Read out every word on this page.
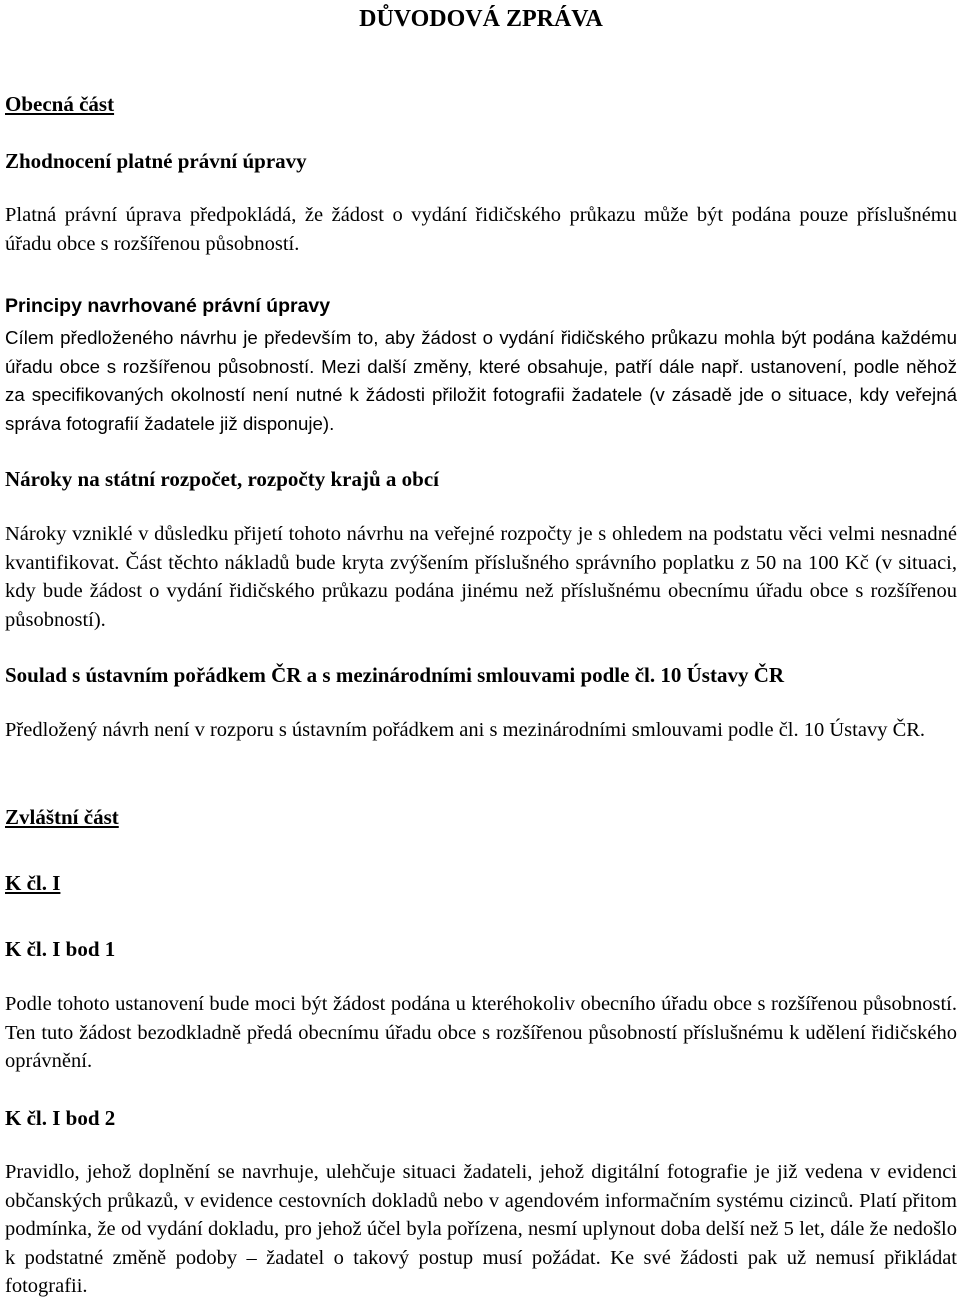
DŮVODOVÁ ZPRÁVA
Obecná část
Zhodnocení platné právní úpravy

Platná právní úprava předpokládá, že žádost o vydání řidičského průkazu může být podána pouze příslušnému úřadu obce s rozšířenou působností.

Principy navrhované právní úpravy

Cílem předloženého návrhu je především to, aby žádost o vydání řidičského průkazu mohla být podána každému úřadu obce s rozšířenou působností. Mezi další změny, které obsahuje, patří dále např. ustanovení, podle něhož za specifikovaných okolností není nutné k žádosti přiložit fotografii žadatele (v zásadě jde o situace, kdy veřejná správa fotografií žadatele již disponuje).

Nároky na státní rozpočet, rozpočty krajů a obcí

Nároky vzniklé v důsledku přijetí tohoto návrhu na veřejné rozpočty je s ohledem na podstatu věci velmi nesnadné kvantifikovat. Část těchto nákladů bude kryta zvýšením příslušného správního poplatku z 50 na 100 Kč (v situaci, kdy bude žádost o vydání řidičského průkazu podána jinému než příslušnému obecnímu úřadu obce s rozšířenou působností).

Soulad s ústavním pořádkem ČR a s mezinárodními smlouvami podle čl. 10 Ústavy ČR

Předložený návrh není v rozporu s ústavním pořádkem ani s mezinárodními smlouvami podle čl. 10 Ústavy ČR.

Zvláštní část
K čl. I
K čl. I bod 1

Podle tohoto ustanovení bude moci být žádost podána u kteréhokoliv obecního úřadu obce s rozšířenou působností. Ten tuto žádost bezodkladně předá obecnímu úřadu obce s rozšířenou působností příslušnému k udělení řidičského oprávnění.

K čl. I bod 2

Pravidlo, jehož doplnění se navrhuje, ulehčuje situaci žadateli, jehož digitální fotografie je již vedena v evidenci občanských průkazů, v evidence cestovních dokladů nebo v agendovém informačním systému cizinců. Platí přitom podmínka, že od vydání dokladu, pro jehož účel byla pořízena, nesmí uplynout doba delší než 5 let, dále že nedošlo k podstatné změně podoby – žadatel o takový postup musí požádat. Ke své žádosti pak už nemusí přikládat fotografii.
